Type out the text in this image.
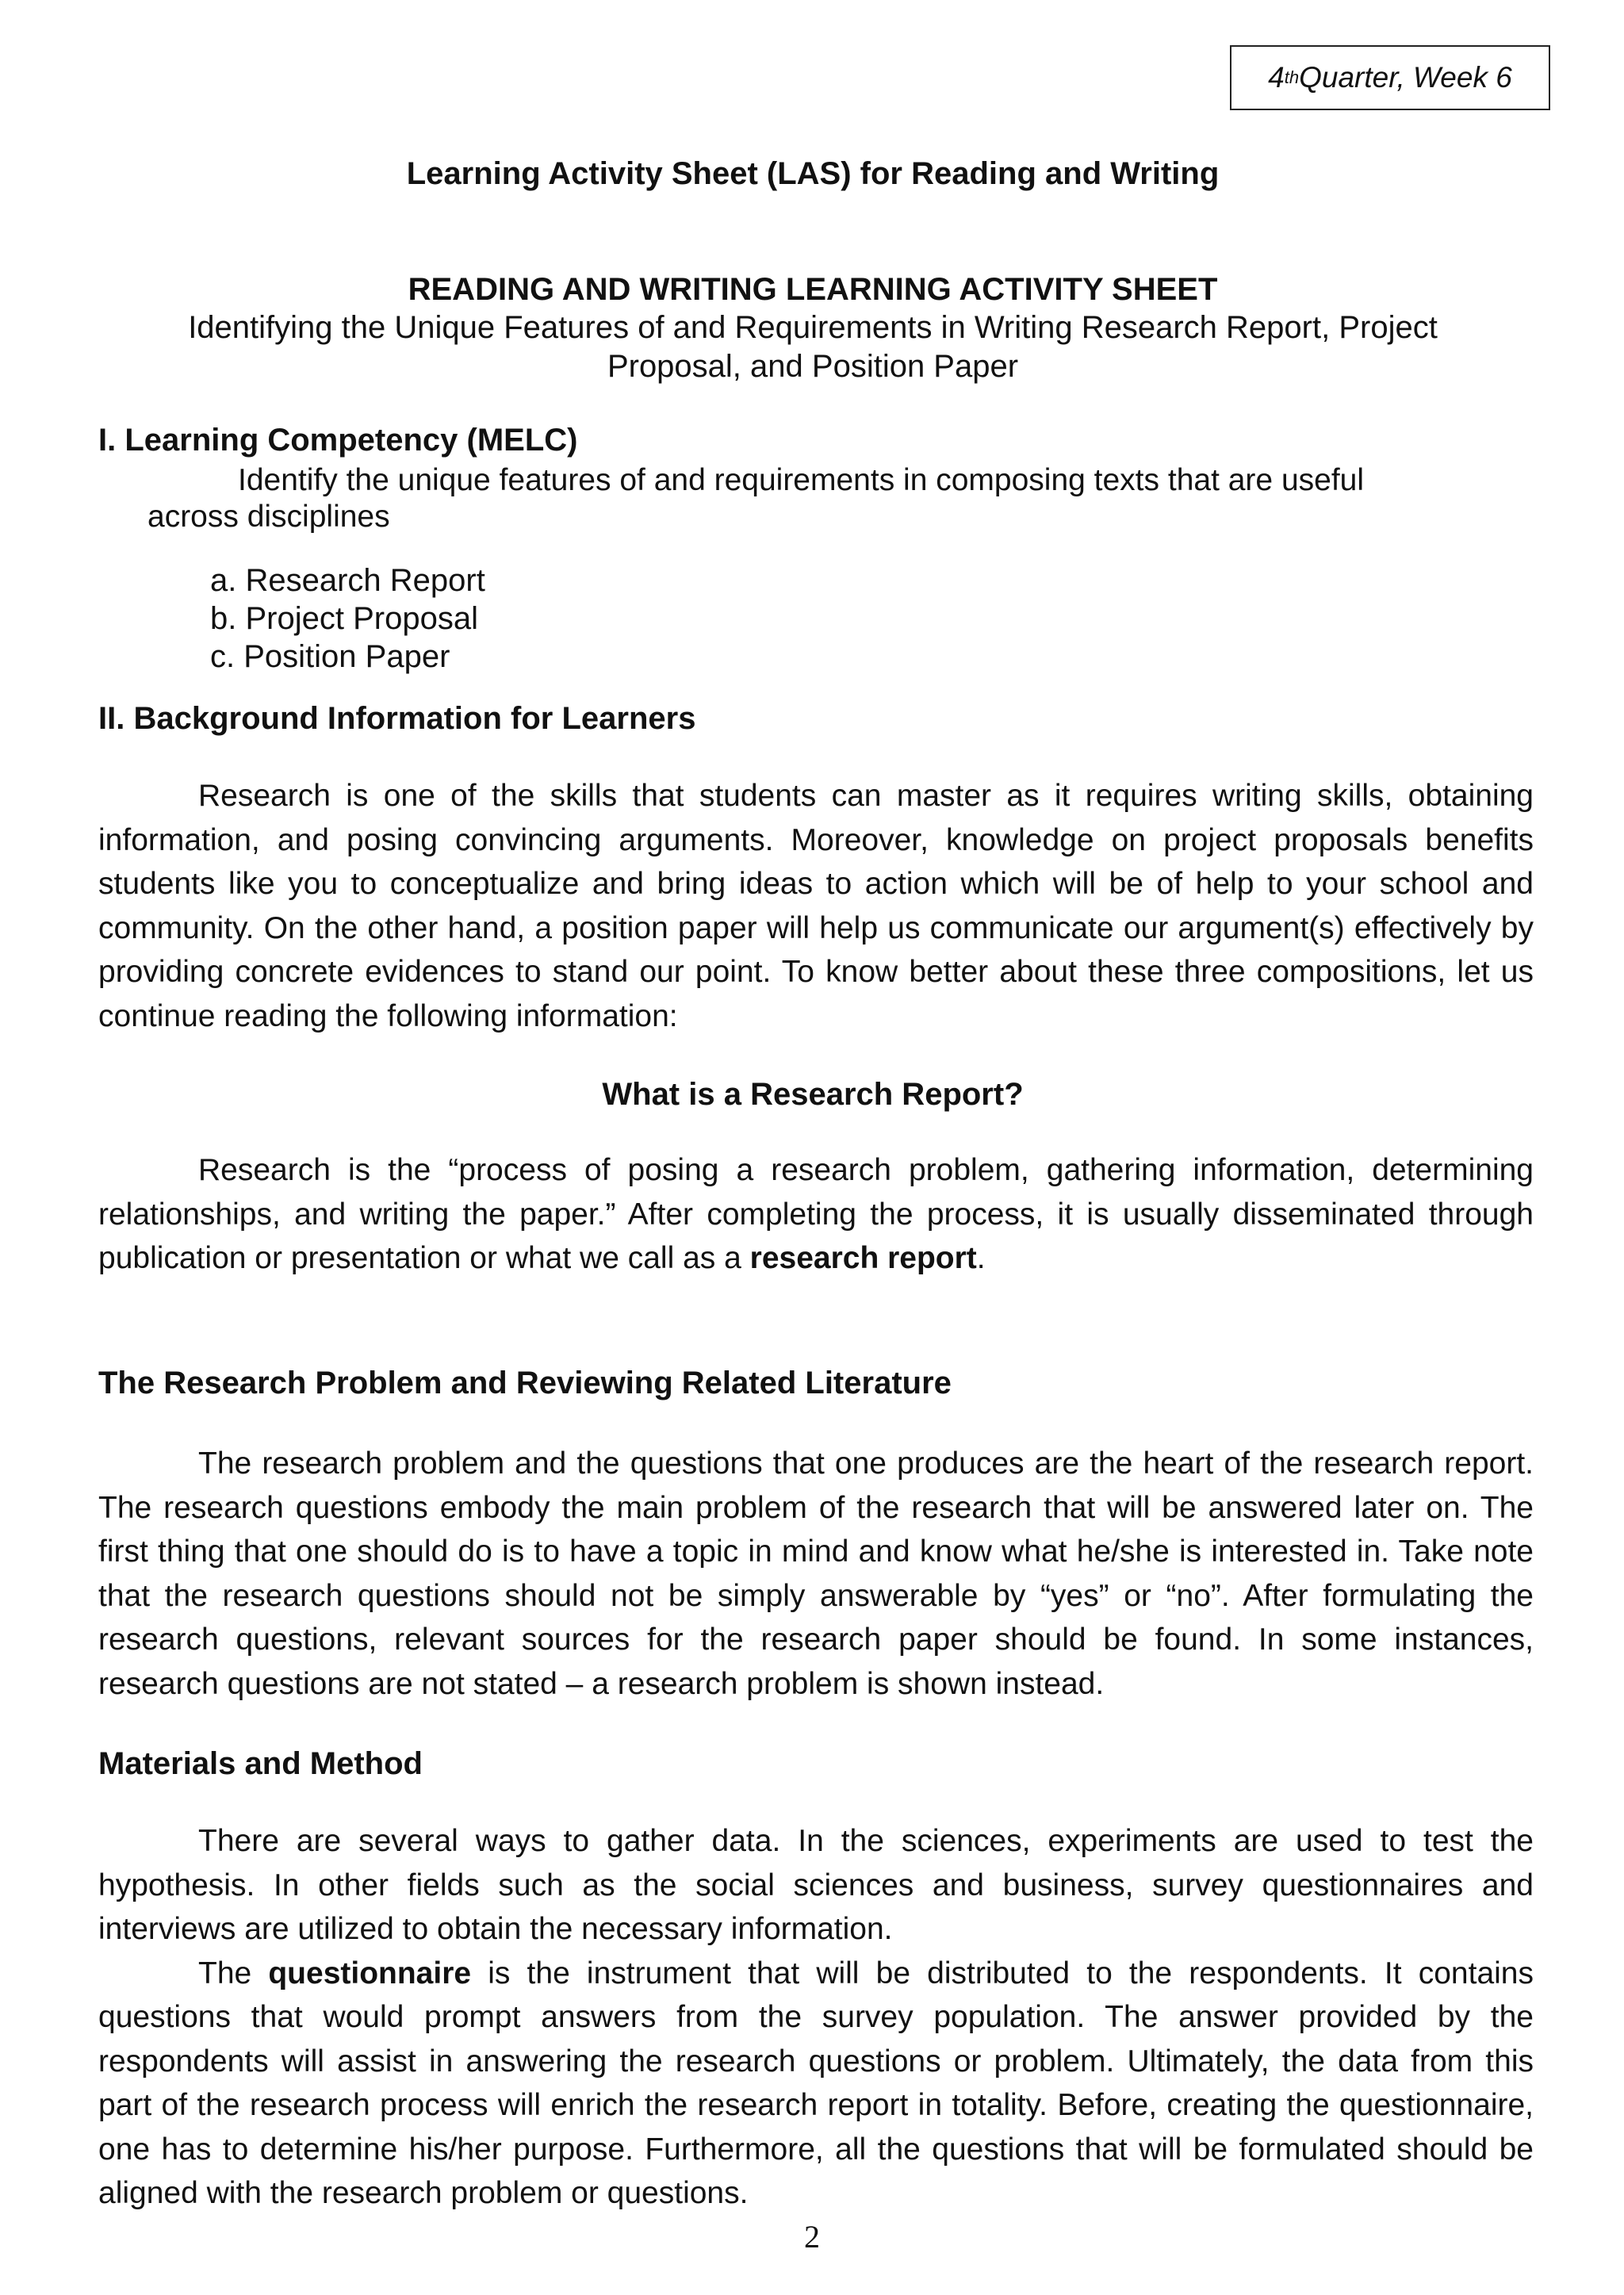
4 th Quarter, Week 6
Learning Activity Sheet (LAS) for Reading and Writing
READING AND WRITING LEARNING ACTIVITY SHEET
Identifying the Unique Features of and Requirements in Writing Research Report, Project
Proposal, and Position Paper
I. Learning Competency (MELC)
Identify the unique features of and requirements in composing texts that are useful
across disciplines
a. Research Report
b. Project Proposal
c. Position Paper
II. Background Information for Learners

Research is one of the skills that students can master as it requires writing skills, obtaining information, and posing convincing arguments. Moreover, knowledge on project proposals benefits students like you to conceptualize and bring ideas to action which will be of help to your school and community. On the other hand, a position paper will help us communicate our argument(s) effectively by providing concrete evidences to stand our point. To know better about these three compositions, let us continue reading the following information:

What is a Research Report?

Research is the “process of posing a research problem, gathering information, determining relationships, and writing the paper.” After completing the process, it is usually disseminated through publication or presentation or what we call as a research report.

The Research Problem and Reviewing Related Literature

The research problem and the questions that one produces are the heart of the research report. The research questions embody the main problem of the research that will be answered later on. The first thing that one should do is to have a topic in mind and know what he/she is interested in. Take note that the research questions should not be simply answerable by “yes” or “no”. After formulating the research questions, relevant sources for the research paper should be found. In some instances, research questions are not stated – a research problem is shown instead.

Materials and Method

There are several ways to gather data. In the sciences, experiments are used to test the hypothesis. In other fields such as the social sciences and business, survey questionnaires and interviews are utilized to obtain the necessary information.

The questionnaire is the instrument that will be distributed to the respondents. It contains questions that would prompt answers from the survey population. The answer provided by the respondents will assist in answering the research questions or problem. Ultimately, the data from this part of the research process will enrich the research report in totality. Before, creating the questionnaire, one has to determine his/her purpose. Furthermore, all the questions that will be formulated should be aligned with the research problem or questions.

2
